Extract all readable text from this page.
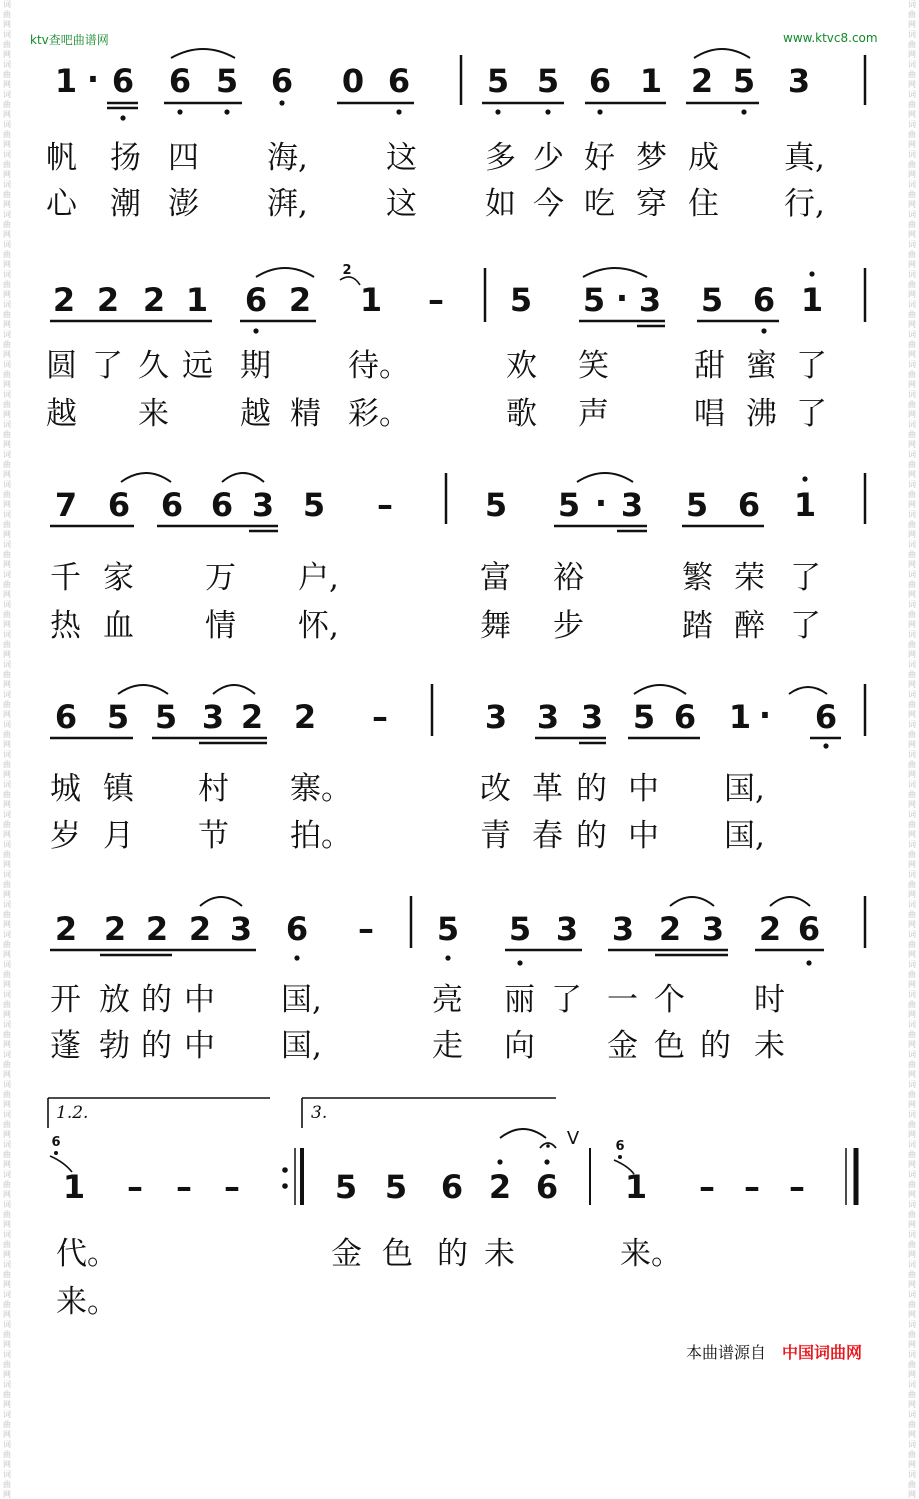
词
曲
网
词
曲
网
词
曲
网
词
曲
网
词
曲
网
词
曲
网
词
曲
网
词
曲
网
词
曲
网
词
曲
网
词
曲
网
词
曲
网
词
曲
网
词
曲
网
词
曲
网
词
曲
网
词
曲
网
词
曲
网
词
曲
网
词
曲
网
词
曲
网
词
曲
网
词
曲
网
词
曲
网
词
曲
网
词
曲
网
词
曲
网
词
曲
网
词
曲
网
词
曲
网
词
曲
网
词
曲
网
词
曲
网
词
曲
网
词
曲
网
词
曲
网
词
曲
网
词
曲
网
词
曲
网
词
曲
网
词
曲
网
词
曲
网
词
曲
网
词
曲
网
词
曲
网
词
曲
网
词
曲
网
词
曲
网
词
曲
网
词
曲
网
词
曲
网
词
曲
网
词
曲
网
词
曲
网
词
曲
网
词
曲
网
词
曲
网
词
曲
网
词
曲
网
词
曲
网
词
曲
网
词
曲
网
词
曲
网
词
曲
网
词
曲
网
词
曲
网
词
曲
网
词
曲
网
词
曲
网
词
曲
网
词
曲
网
词
曲
网
词
曲
网
词
曲
网
词
曲
网
词
曲
网
词
曲
网
词
曲
网
词
曲
网
词
曲
网
词
曲
网
词
曲
网
词
曲
网
词
曲
网
词
曲
网
词
曲
网
词
曲
网
词
曲
网
词
曲
网
词
曲
网
词
曲
网
词
曲
网
词
曲
网
词
曲
网
词
曲
网
词
曲
网
词
曲
网
词
曲
网
词
曲
网
词
曲
网
ktv查吧曲谱网	www.ktvc8.com
1 · 6 6 5 6 0 6 5 5 6 1 2 5 3
2 2 2 1 6 2 1 – 5 5 · 3 5 6 1
2
7 6 6 6 3 5 –	5 5 · 3 5 6 1
6 5 5 3 2 2 –	3 3 3 5 6 1 · 6
2 2 2 2 3 6 – 5 5 3 3 2 3 2 6
1.2.	3.
1 – – –	5 5 6 2 6 1 – – –
6	6
V
帆 扬 四 海,	这 多 少 好 梦 成 真,
心 潮 澎 湃,	这 如 今 吃 穿 住 行,
圆 了 久 远 期 待。	欢 笑	甜 蜜 了
越 来 越 精 彩。	歌 声	唱 沸 了
千 家 万 户,	富 裕	繁 荣 了
热 血 情 怀,	舞 步	踏 醉 了
城 镇 村 寨。	改 革 的 中 国,
岁 月 节 拍。	青 春 的 中 国,
开 放 的 中 国,	亮 丽 了 一 个 时
蓬 勃 的 中 国,	走 向 金 色 的 未
代。	金 色 的 未	来。
来。
本曲谱源自 中国词曲网
